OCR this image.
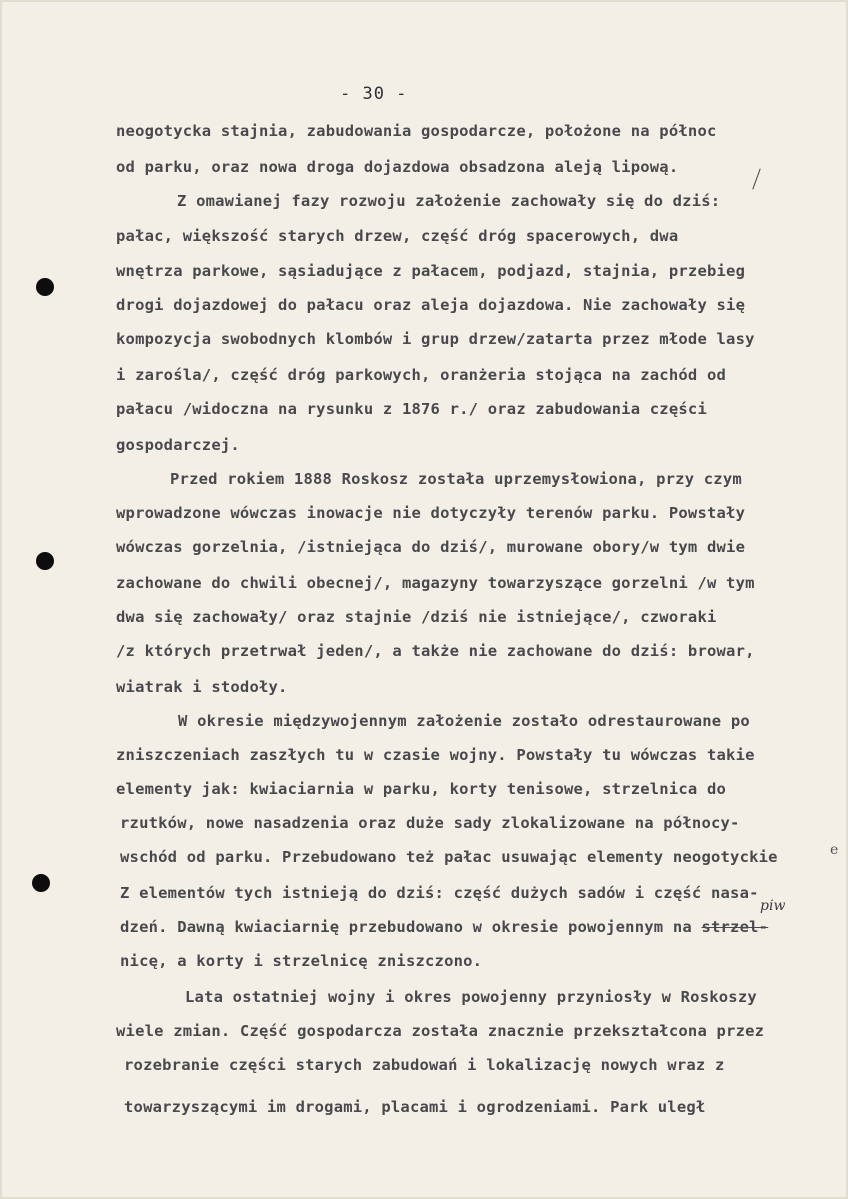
- 30 -
neogotycka stajnia, zabudowania gospodarcze, położone na północ
od parku, oraz nowa droga dojazdowa obsadzona aleją lipową.
Z omawianej fazy rozwoju założenie zachowały się do dziś:
pałac, większość starych drzew, część dróg spacerowych, dwa
wnętrza parkowe, sąsiadujące z pałacem, podjazd, stajnia, przebieg
drogi dojazdowej do pałacu oraz aleja dojazdowa. Nie zachowały się
kompozycja swobodnych klombów i grup drzew/zatarta przez młode lasy
i zarośla/, część dróg parkowych, oranżeria stojąca na zachód od
pałacu /widoczna na rysunku z 1876 r./ oraz zabudowania części
gospodarczej.
Przed rokiem 1888 Roskosz została uprzemysłowiona, przy czym
wprowadzone wówczas inowacje nie dotyczyły terenów parku. Powstały
wówczas gorzelnia, /istniejąca do dziś/, murowane obory/w tym dwie
zachowane do chwili obecnej/, magazyny towarzyszące gorzelni /w tym
dwa się zachowały/ oraz stajnie /dziś nie istniejące/, czworaki
/z których przetrwał jeden/, a także nie zachowane do dziś: browar,
wiatrak i stodoły.
W okresie międzywojennym założenie zostało odrestaurowane po
zniszczeniach zaszłych tu w czasie wojny. Powstały tu wówczas takie
elementy jak: kwiaciarnia w parku, korty tenisowe, strzelnica do
rzutków, nowe nasadzenia oraz duże sady zlokalizowane na północy-
wschód od parku. Przebudowano też pałac usuwając elementy neogotyckie
Z elementów tych istnieją do dziś: część dużych sadów i część nasa-
dzeń. Dawną kwiaciarnię przebudowano w okresie powojennym na strzel-
nicę, a korty i strzelnicę zniszczono.
Lata ostatniej wojny i okres powojenny przyniosły w Roskoszy
wiele zmian. Część gospodarcza została znacznie przekształcona przez
rozebranie części starych zabudowań i lokalizację nowych wraz z
towarzyszącymi im drogami, placami i ogrodzeniami. Park uległ
piw
e
